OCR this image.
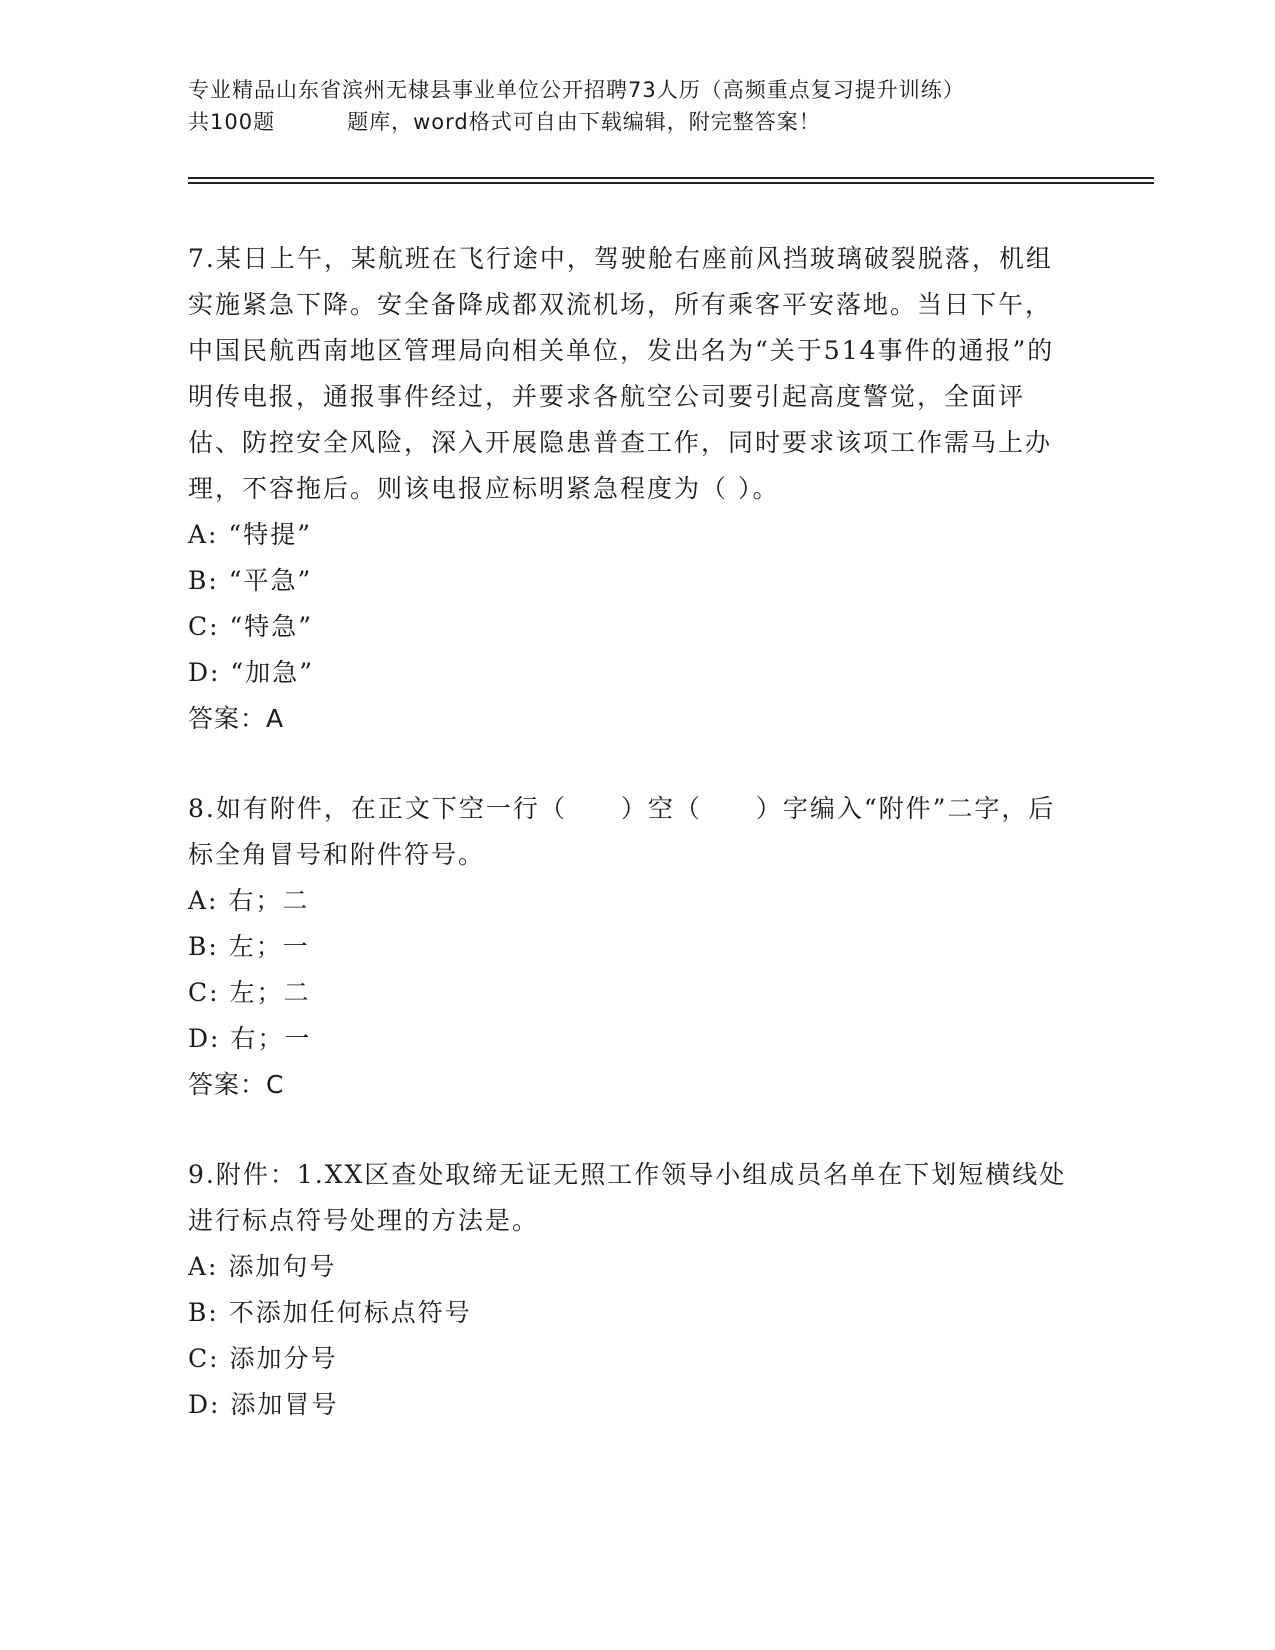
专业精品山东省滨州无棣县事业单位公开招聘73人历（高频重点复习提升训练）
共100题	题库，word格式可自由下载编辑，附完整答案！

7.某日上午，某航班在飞行途中，驾驶舱右座前风挡玻璃破裂脱落，机组实施紧急下降。安全备降成都双流机场，所有乘客平安落地。当日下午，中国民航西南地区管理局向相关单位，发出名为“关于514事件的通报”的明传电报，通报事件经过，并要求各航空公司要引起高度警觉，全面评估、防控安全风险，深入开展隐患普查工作，同时要求该项工作需马上办理，不容拖后。则该电报应标明紧急程度为（ ）。

A: “特提”

B: “平急”

C: “特急”

D: “加急”

答案：A

8.如有附件，在正文下空一行（　　）空（　　）字编入“附件”二字，后标全角冒号和附件符号。

A: 右；二

B: 左；一

C: 左；二

D: 右；一

答案：C

9.附件：1.XX区查处取缔无证无照工作领导小组成员名单在下划短横线处进行标点符号处理的方法是。

A: 添加句号

B: 不添加任何标点符号

C: 添加分号

D: 添加冒号
